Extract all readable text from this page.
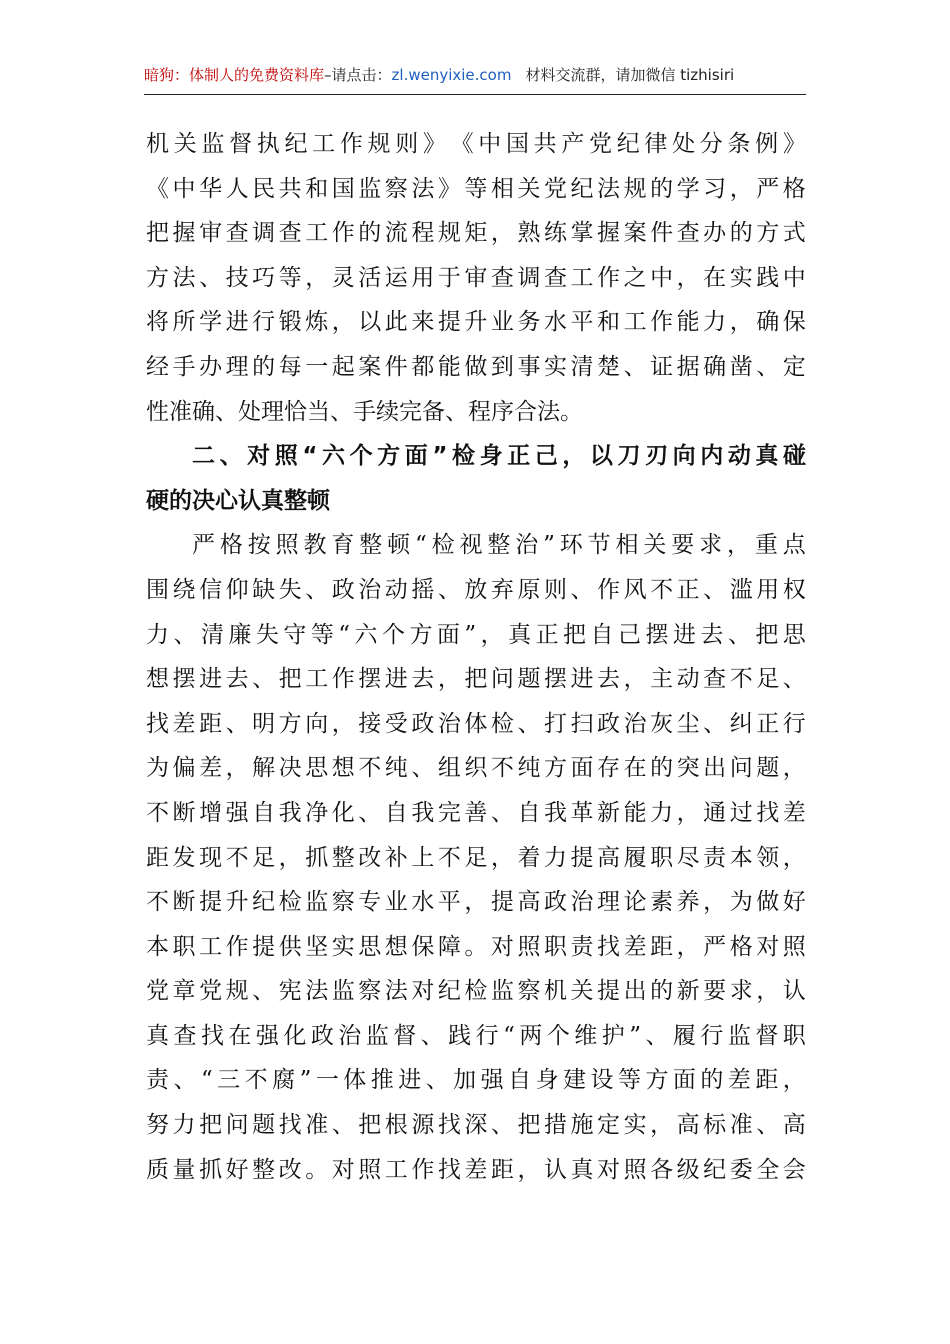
暗狗：体制人的免费资料库–请点击：zl.wenyixie.com 材料交流群，请加微信 tizhisiri
机 关 监 督 执 纪 工 作 规 则 》 《 中 国 共 产 党 纪 律 处 分 条 例 》
《 中 华 人 民 共 和 国 监 察 法 》 等 相 关 党 纪 法 规 的 学 习 ， 严 格
把 握 审 查 调 查 工 作 的 流 程 规 矩 ， 熟 练 掌 握 案 件 查 办 的 方 式
方 法 、 技 巧 等 ， 灵 活 运 用 于 审 查 调 查 工 作 之 中 ， 在 实 践 中
将 所 学 进 行 锻 炼 ， 以 此 来 提 升 业 务 水 平 和 工 作 能 力 ， 确 保
经 手 办 理 的 每 一 起 案 件 都 能 做 到 事 实 清 楚 、 证 据 确 凿 、 定
性准确、处理恰当、手续完备、程序合法。
二 、 对 照 “ 六 个 方 面 ” 检 身 正 己 ， 以 刀 刃 向 内 动 真 碰
硬的决心认真整顿
严 格 按 照 教 育 整 顿 “ 检 视 整 治 ” 环 节 相 关 要 求 ， 重 点
围 绕 信 仰 缺 失 、 政 治 动 摇 、 放 弃 原 则 、 作 风 不 正 、 滥 用 权
力 、 清 廉 失 守 等 “ 六 个 方 面 ” ， 真 正 把 自 己 摆 进 去 、 把 思
想 摆 进 去 、 把 工 作 摆 进 去 ， 把 问 题 摆 进 去 ， 主 动 查 不 足 、
找 差 距 、 明 方 向 ， 接 受 政 治 体 检 、 打 扫 政 治 灰 尘 、 纠 正 行
为 偏 差 ， 解 决 思 想 不 纯 、 组 织 不 纯 方 面 存 在 的 突 出 问 题 ，
不 断 增 强 自 我 净 化 、 自 我 完 善 、 自 我 革 新 能 力 ， 通 过 找 差
距 发 现 不 足 ， 抓 整 改 补 上 不 足 ， 着 力 提 高 履 职 尽 责 本 领 ，
不 断 提 升 纪 检 监 察 专 业 水 平 ， 提 高 政 治 理 论 素 养 ， 为 做 好
本 职 工 作 提 供 坚 实 思 想 保 障 。 对 照 职 责 找 差 距 ， 严 格 对 照
党 章 党 规 、 宪 法 监 察 法 对 纪 检 监 察 机 关 提 出 的 新 要 求 ， 认
真 查 找 在 强 化 政 治 监 督 、 践 行 “ 两 个 维 护 ” 、 履 行 监 督 职
责 、 “ 三 不 腐 ” 一 体 推 进 、 加 强 自 身 建 设 等 方 面 的 差 距 ，
努 力 把 问 题 找 准 、 把 根 源 找 深 、 把 措 施 定 实 ， 高 标 准 、 高
质 量 抓 好 整 改 。 对 照 工 作 找 差 距 ， 认 真 对 照 各 级 纪 委 全 会
